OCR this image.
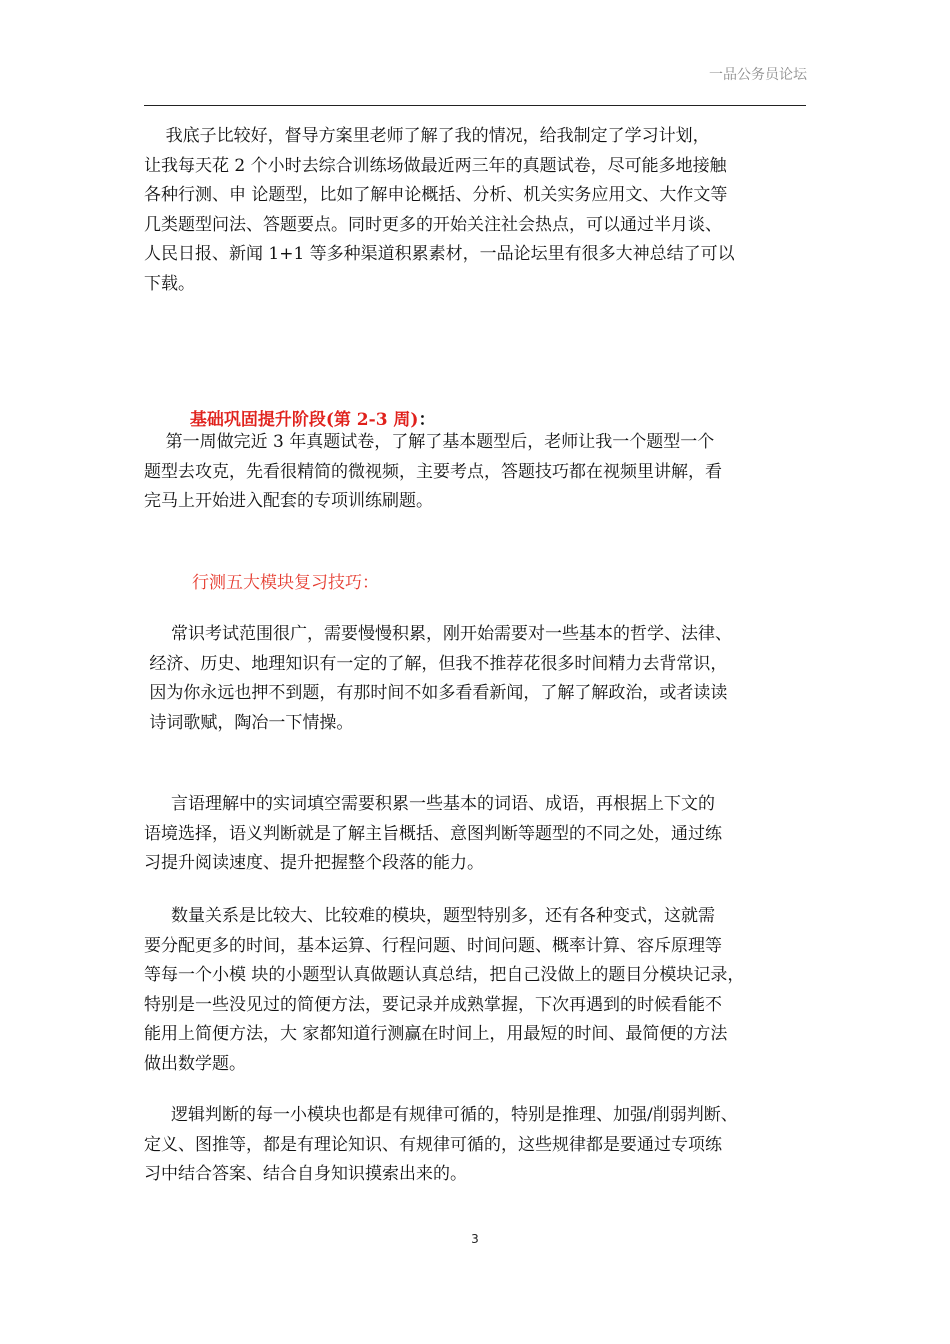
一品公务员论坛
我底子比较好，督导方案里老师了解了我的情况，给我制定了学习计划，
让我每天花 2 个小时去综合训练场做最近两三年的真题试卷，尽可能多地接触
各种行测、申 论题型，比如了解申论概括、分析、机关实务应用文、大作文等
几类题型问法、答题要点。同时更多的开始关注社会热点，可以通过半月谈、
人民日报、新闻 1+1 等多种渠道积累素材，一品论坛里有很多大神总结了可以
下载。

基础巩固提升阶段(第 2-3 周)：

第一周做完近 3 年真题试卷，了解了基本题型后，老师让我一个题型一个
题型去攻克，先看很精简的微视频，主要考点，答题技巧都在视频里讲解，看
完马上开始进入配套的专项训练刷题。
行测五大模块复习技巧：
常识考试范围很广，需要慢慢积累，刚开始需要对一些基本的哲学、法律、
经济、历史、地理知识有一定的了解，但我不推荐花很多时间精力去背常识，
因为你永远也押不到题，有那时间不如多看看新闻，了解了解政治，或者读读
诗词歌赋，陶冶一下情操。
言语理解中的实词填空需要积累一些基本的词语、成语，再根据上下文的
语境选择，语义判断就是了解主旨概括、意图判断等题型的不同之处，通过练
习提升阅读速度、提升把握整个段落的能力。
数量关系是比较大、比较难的模块，题型特别多，还有各种变式，这就需
要分配更多的时间，基本运算、行程问题、时间问题、概率计算、容斥原理等
等每一个小模 块的小题型认真做题认真总结，把自己没做上的题目分模块记录，
特别是一些没见过的简便方法，要记录并成熟掌握，下次再遇到的时候看能不
能用上简便方法，大 家都知道行测赢在时间上，用最短的时间、最简便的方法
做出数学题。
逻辑判断的每一小模块也都是有规律可循的，特别是推理、加强/削弱判断、
定义、图推等，都是有理论知识、有规律可循的，这些规律都是要通过专项练
习中结合答案、结合自身知识摸索出来的。
3
